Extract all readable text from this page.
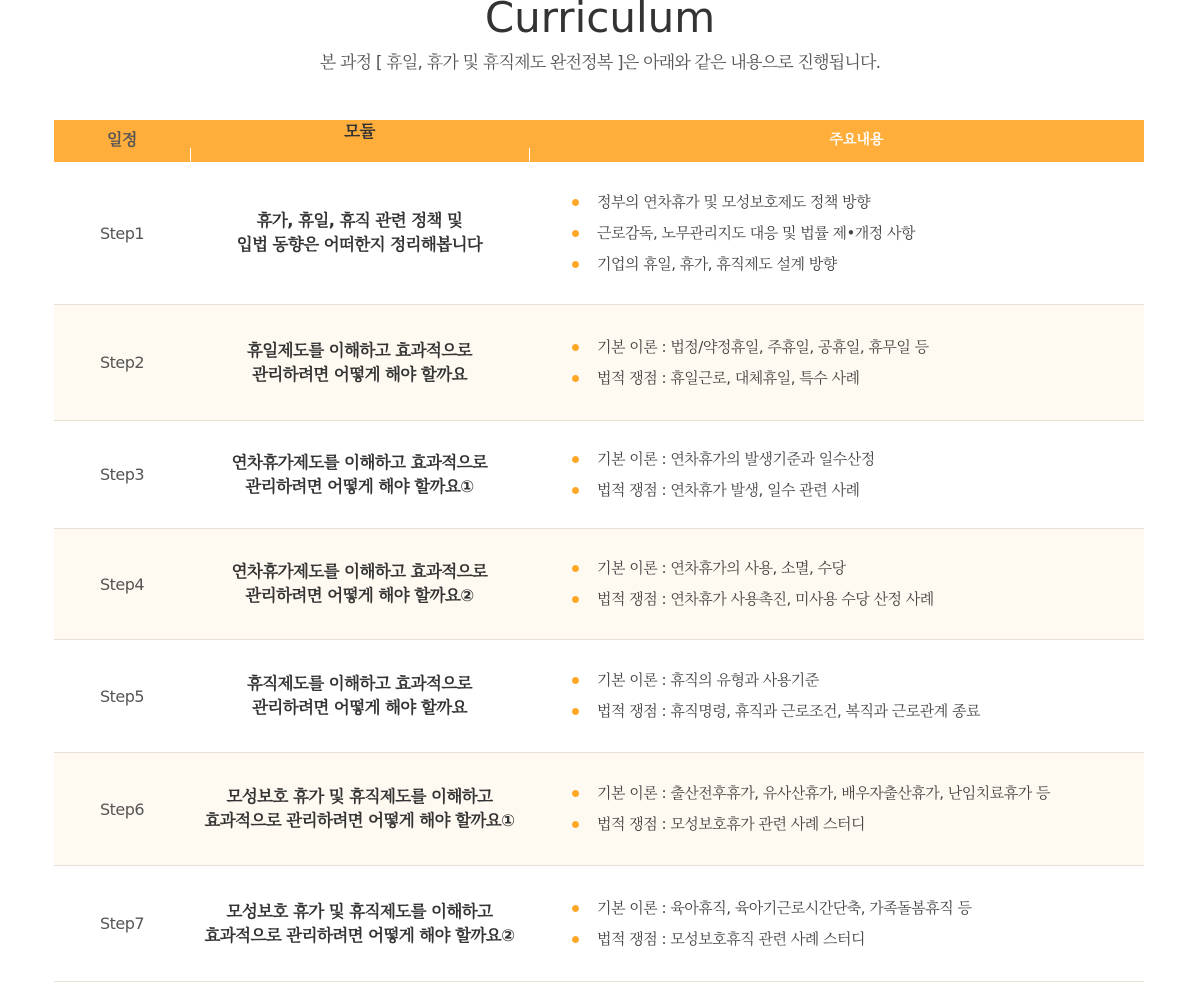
Curriculum

본 과정 [ 휴일, 휴가 및 휴직제도 완전정복 ]은 아래와 같은 내용으로 진행됩니다.

일정	모듈	주요내용
Step1
휴가, 휴일, 휴직 관련 정책 및
입법 동향은 어떠한지 정리해봅니다
정부의 연차휴가 및 모성보호제도 정책 방향
근로감독, 노무관리지도 대응 및 법률 제•개정 사항
기업의 휴일, 휴가, 휴직제도 설계 방향
Step2
휴일제도를 이해하고 효과적으로
관리하려면 어떻게 해야 할까요
기본 이론 : 법정/약정휴일, 주휴일, 공휴일, 휴무일 등
법적 쟁점 : 휴일근로, 대체휴일, 특수 사례
Step3
연차휴가제도를 이해하고 효과적으로
관리하려면 어떻게 해야 할까요①
기본 이론 : 연차휴가의 발생기준과 일수산정
법적 쟁점 : 연차휴가 발생, 일수 관련 사례
Step4
연차휴가제도를 이해하고 효과적으로
관리하려면 어떻게 해야 할까요②
기본 이론 : 연차휴가의 사용, 소멸, 수당
법적 쟁점 : 연차휴가 사용촉진, 미사용 수당 산정 사례
Step5
휴직제도를 이해하고 효과적으로
관리하려면 어떻게 해야 할까요
기본 이론 : 휴직의 유형과 사용기준
법적 쟁점 : 휴직명령, 휴직과 근로조건, 복직과 근로관계 종료
Step6
모성보호 휴가 및 휴직제도를 이해하고
효과적으로 관리하려면 어떻게 해야 할까요①
기본 이론 : 출산전후휴가, 유사산휴가, 배우자출산휴가, 난임치료휴가 등
법적 쟁점 : 모성보호휴가 관련 사례 스터디
Step7
모성보호 휴가 및 휴직제도를 이해하고
효과적으로 관리하려면 어떻게 해야 할까요②
기본 이론 : 육아휴직, 육아기근로시간단축, 가족돌봄휴직 등
법적 쟁점 : 모성보호휴직 관련 사례 스터디
